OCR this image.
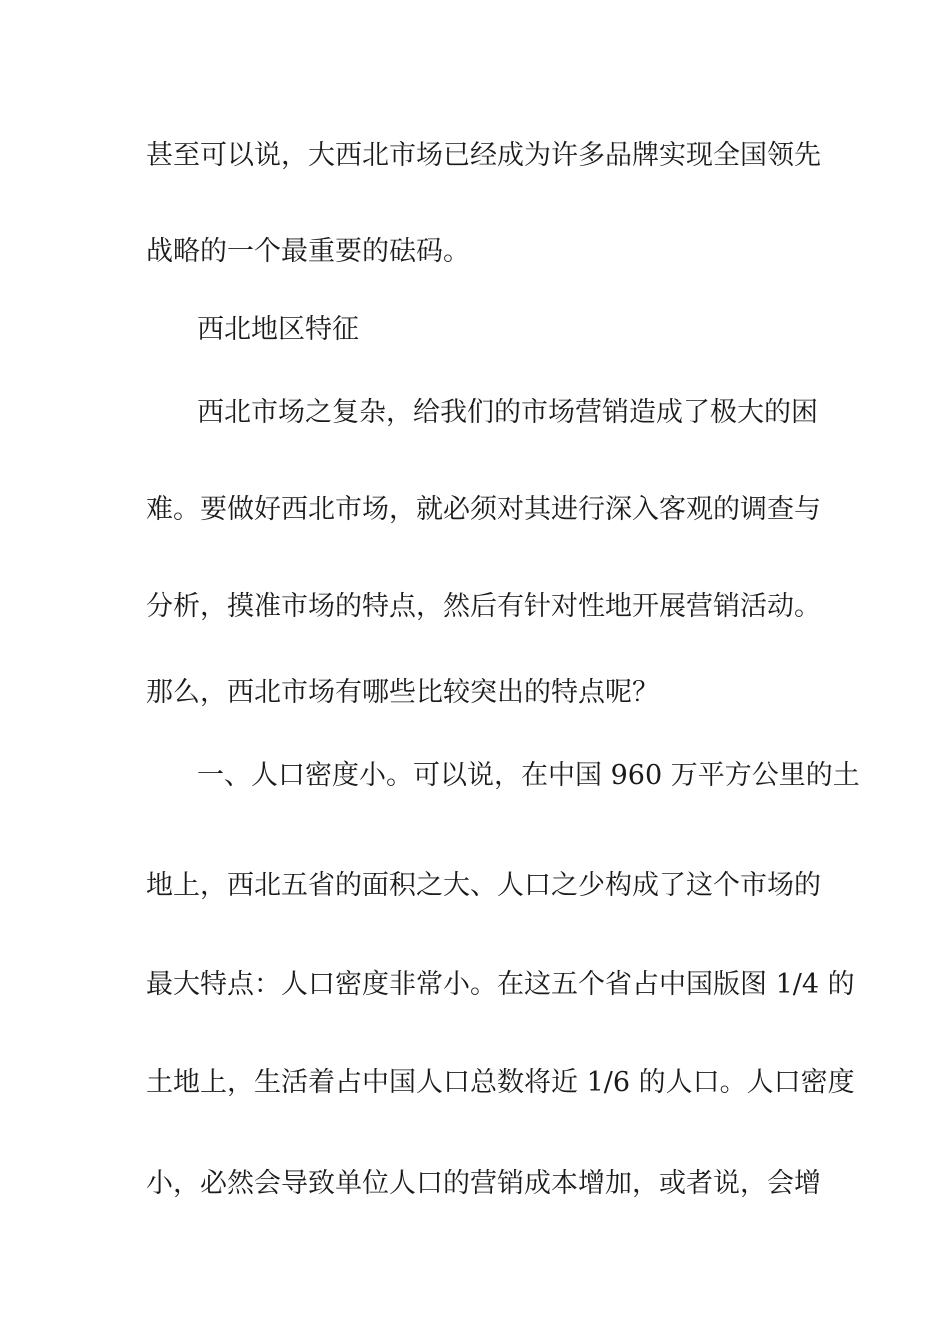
甚至可以说，大西北市场已经成为许多品牌实现全国领先

战略的一个最重要的砝码。

西北地区特征

西北市场之复杂，给我们的市场营销造成了极大的困

难。要做好西北市场，就必须对其进行深入客观的调查与

分析，摸准市场的特点，然后有针对性地开展营销活动。

那么，西北市场有哪些比较突出的特点呢？

一、人口密度小。可以说，在中国 960 万平方公里的土

地上，西北五省的面积之大、人口之少构成了这个市场的

最大特点：人口密度非常小。在这五个省占中国版图 1/4 的

土地上，生活着占中国人口总数将近 1/6 的人口。人口密度

小，必然会导致单位人口的营销成本增加，或者说，会增
